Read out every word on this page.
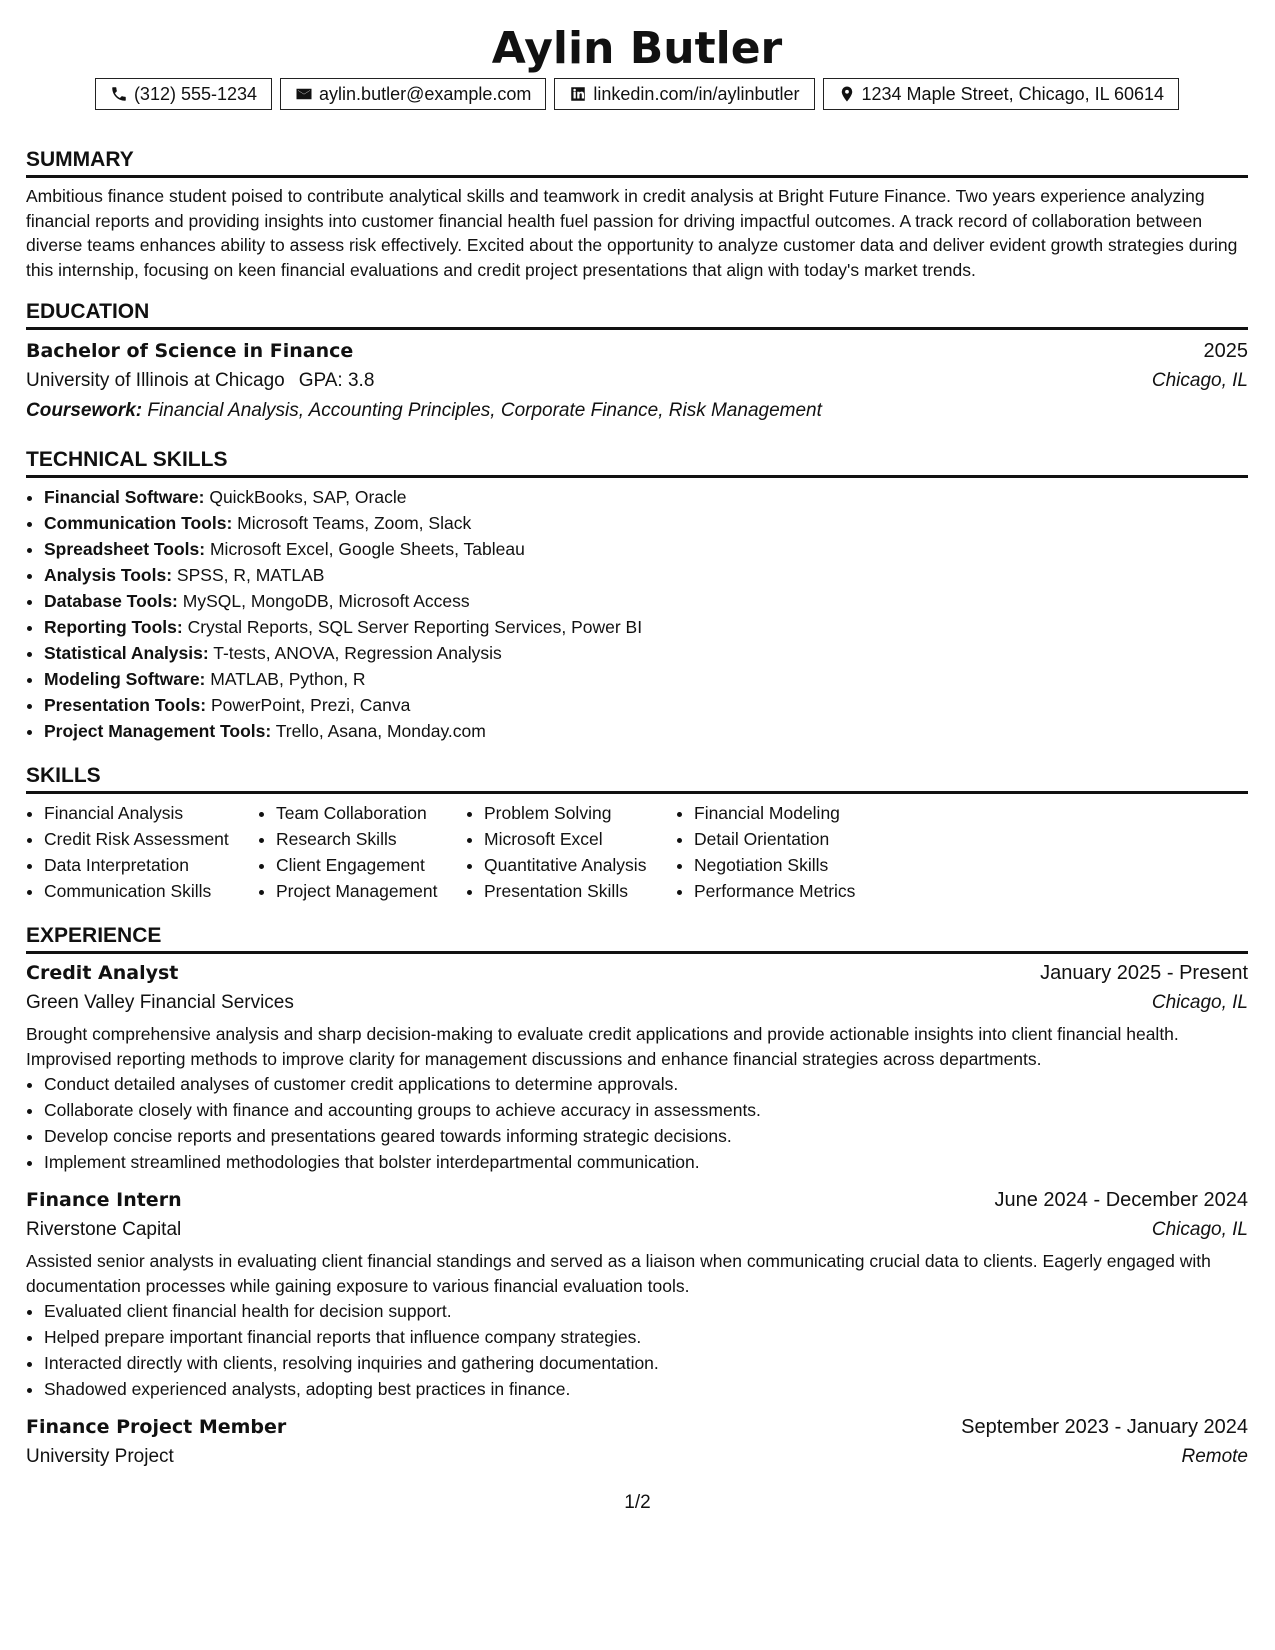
Aylin Butler
(312) 555-1234	aylin.butler@example.com	linkedin.com/in/aylinbutler	1234 Maple Street, Chicago, IL 60614
SUMMARY

Ambitious finance student poised to contribute analytical skills and teamwork in credit analysis at Bright Future Finance. Two years experience analyzing financial reports and providing insights into customer financial health fuel passion for driving impactful outcomes. A track record of collaboration between diverse teams enhances ability to assess risk effectively. Excited about the opportunity to analyze customer data and deliver evident growth strategies during this internship, focusing on keen financial evaluations and credit project presentations that align with today's market trends.

EDUCATION
Bachelor of Science in Finance	2025
University of Illinois at Chicago GPA: 3.8	Chicago, IL
Coursework: Financial Analysis, Accounting Principles, Corporate Finance, Risk Management
TECHNICAL SKILLS
• Financial Software: QuickBooks, SAP, Oracle
• Communication Tools: Microsoft Teams, Zoom, Slack
• Spreadsheet Tools: Microsoft Excel, Google Sheets, Tableau
• Analysis Tools: SPSS, R, MATLAB
• Database Tools: MySQL, MongoDB, Microsoft Access
• Reporting Tools: Crystal Reports, SQL Server Reporting Services, Power BI
• Statistical Analysis: T-tests, ANOVA, Regression Analysis
• Modeling Software: MATLAB, Python, R
• Presentation Tools: PowerPoint, Prezi, Canva
• Project Management Tools: Trello, Asana, Monday.com
SKILLS
• Financial Analysis
• Credit Risk Assessment
• Data Interpretation
• Communication Skills
• Team Collaboration
• Research Skills
• Client Engagement
• Project Management
• Problem Solving
• Microsoft Excel
• Quantitative Analysis
• Presentation Skills
• Financial Modeling
• Detail Orientation
• Negotiation Skills
• Performance Metrics
EXPERIENCE
Credit Analyst	January 2025 - Present
Green Valley Financial Services	Chicago, IL

Brought comprehensive analysis and sharp decision-making to evaluate credit applications and provide actionable insights into client financial health. Improvised reporting methods to improve clarity for management discussions and enhance financial strategies across departments.

• Conduct detailed analyses of customer credit applications to determine approvals.
• Collaborate closely with finance and accounting groups to achieve accuracy in assessments.
• Develop concise reports and presentations geared towards informing strategic decisions.
• Implement streamlined methodologies that bolster interdepartmental communication.
Finance Intern	June 2024 - December 2024
Riverstone Capital	Chicago, IL

Assisted senior analysts in evaluating client financial standings and served as a liaison when communicating crucial data to clients. Eagerly engaged with documentation processes while gaining exposure to various financial evaluation tools.

• Evaluated client financial health for decision support.
• Helped prepare important financial reports that influence company strategies.
• Interacted directly with clients, resolving inquiries and gathering documentation.
• Shadowed experienced analysts, adopting best practices in finance.
Finance Project Member	September 2023 - January 2024
University Project	Remote
1/2
